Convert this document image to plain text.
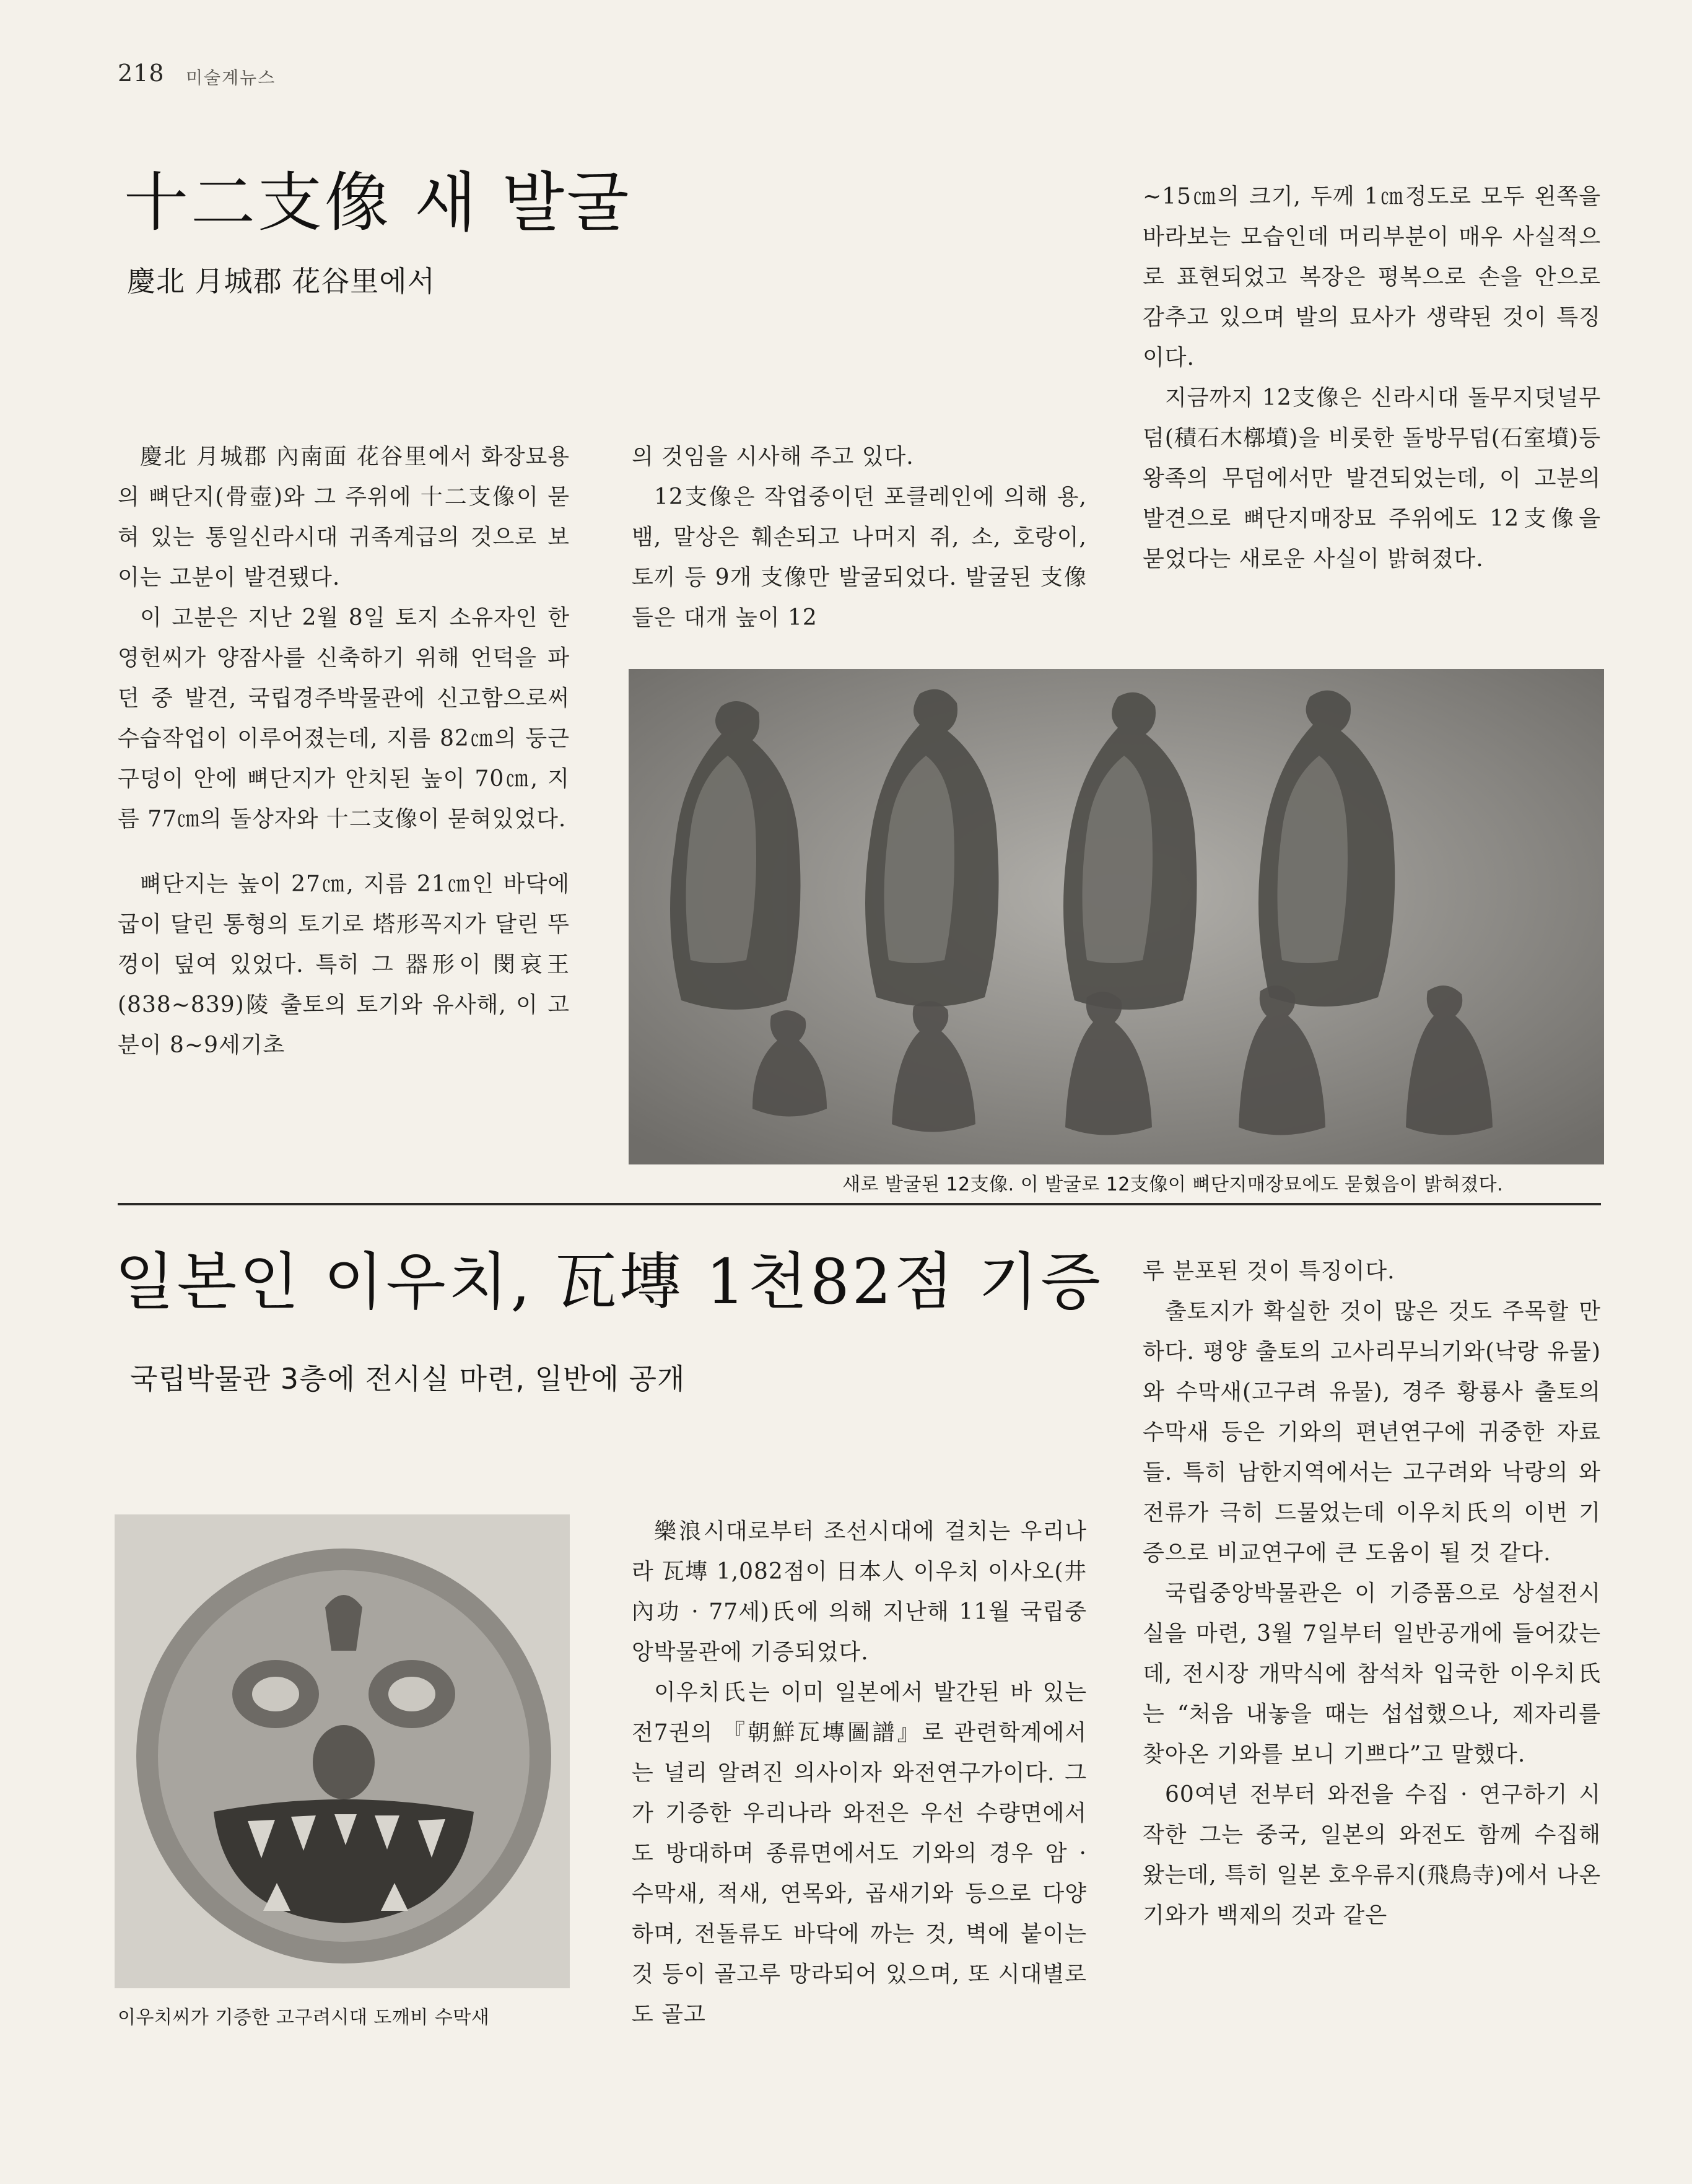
218 미술계뉴스
十二支像 새 발굴
慶北 月城郡 花谷里에서

慶北 月城郡 內南面 花谷里에서 화장묘용의 뼈단지(骨壺)와 그 주위에 十二支像이 묻혀 있는 통일신라시대 귀족계급의 것으로 보이는 고분이 발견됐다.

이 고분은 지난 2월 8일 토지 소유자인 한영헌씨가 양잠사를 신축하기 위해 언덕을 파던 중 발견, 국립경주박물관에 신고함으로써 수습작업이 이루어졌는데, 지름 82㎝의 둥근 구덩이 안에 뼈단지가 안치된 높이 70㎝, 지름 77㎝의 돌상자와 十二支像이 묻혀있었다.

뼈단지는 높이 27㎝, 지름 21㎝인 바닥에 굽이 달린 통형의 토기로 塔形꼭지가 달린 뚜껑이 덮여 있었다. 특히 그 器形이 閔哀王(838~839)陵 출토의 토기와 유사해, 이 고분이 8~9세기초

의 것임을 시사해 주고 있다.

12支像은 작업중이던 포클레인에 의해 용, 뱀, 말상은 훼손되고 나머지 쥐, 소, 호랑이, 토끼 등 9개 支像만 발굴되었다. 발굴된 支像들은 대개 높이 12

~15㎝의 크기, 두께 1㎝정도로 모두 왼쪽을 바라보는 모습인데 머리부분이 매우 사실적으로 표현되었고 복장은 평복으로 손을 안으로 감추고 있으며 발의 묘사가 생략된 것이 특징이다.

지금까지 12支像은 신라시대 돌무지덧널무덤(積石木槨墳)을 비롯한 돌방무덤(石室墳)등 왕족의 무덤에서만 발견되었는데, 이 고분의 발견으로 뼈단지매장묘 주위에도 12支像을 묻었다는 새로운 사실이 밝혀졌다.

새로 발굴된 12支像. 이 발굴로 12支像이 뼈단지매장묘에도 묻혔음이 밝혀졌다.
일본인 이우치, 瓦塼 1천82점 기증
국립박물관 3층에 전시실 마련, 일반에 공개
이우치씨가 기증한 고구려시대 도깨비 수막새

樂浪시대로부터 조선시대에 걸치는 우리나라 瓦塼 1,082점이 日本人 이우치 이사오(井內功 · 77세)氏에 의해 지난해 11월 국립중앙박물관에 기증되었다.

이우치氏는 이미 일본에서 발간된 바 있는 전7권의 『朝鮮瓦塼圖譜』로 관련학계에서는 널리 알려진 의사이자 와전연구가이다. 그가 기증한 우리나라 와전은 우선 수량면에서도 방대하며 종류면에서도 기와의 경우 암 · 수막새, 적새, 연목와, 곱새기와 등으로 다양하며, 전돌류도 바닥에 까는 것, 벽에 붙이는 것 등이 골고루 망라되어 있으며, 또 시대별로도 골고

루 분포된 것이 특징이다.

출토지가 확실한 것이 많은 것도 주목할 만하다. 평양 출토의 고사리무늬기와(낙랑 유물)와 수막새(고구려 유물), 경주 황룡사 출토의 수막새 등은 기와의 편년연구에 귀중한 자료들. 특히 남한지역에서는 고구려와 낙랑의 와전류가 극히 드물었는데 이우치氏의 이번 기증으로 비교연구에 큰 도움이 될 것 같다.

국립중앙박물관은 이 기증품으로 상설전시실을 마련, 3월 7일부터 일반공개에 들어갔는데, 전시장 개막식에 참석차 입국한 이우치氏는 “처음 내놓을 때는 섭섭했으나, 제자리를 찾아온 기와를 보니 기쁘다”고 말했다.

60여년 전부터 와전을 수집 · 연구하기 시작한 그는 중국, 일본의 와전도 함께 수집해 왔는데, 특히 일본 호우류지(飛鳥寺)에서 나온 기와가 백제의 것과 같은
